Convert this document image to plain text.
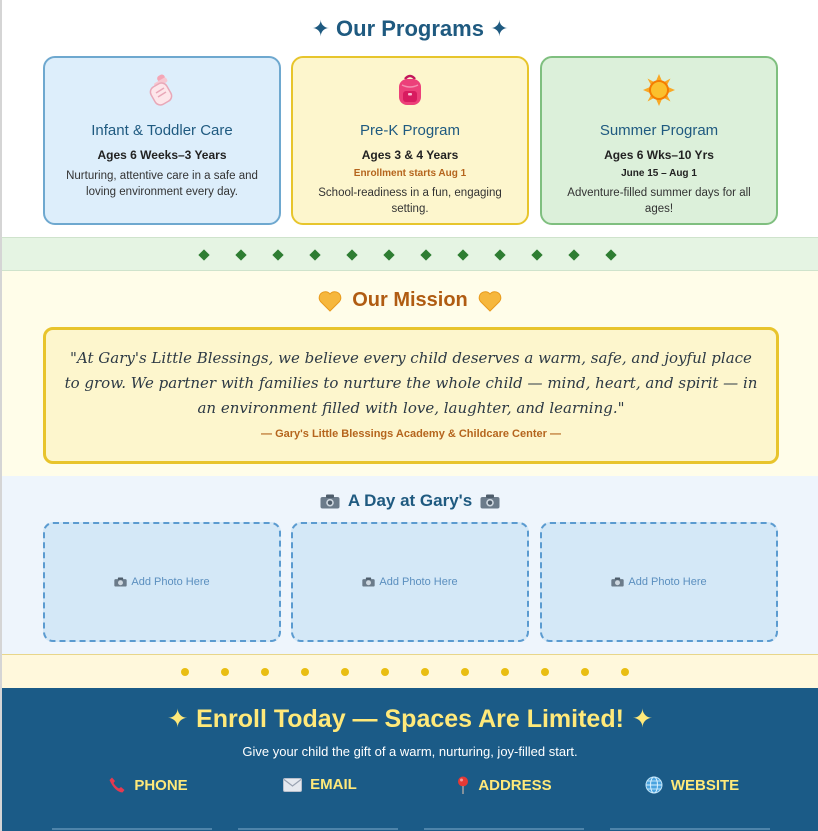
✦ Our Programs ✦
Infant & Toddler Care
Ages 6 Weeks–3 Years
Nurturing, attentive care in a safe and loving environment every day.
Pre-K Program
Ages 3 & 4 Years
Enrollment starts Aug 1
School-readiness in a fun, engaging setting.
Summer Program
Ages 6 Wks–10 Yrs
June 15 – Aug 1
Adventure-filled summer days for all ages!
Our Mission
"At Gary's Little Blessings, we believe every child deserves a warm, safe, and joyful place to grow. We partner with families to nurture the whole child — mind, heart, and spirit — in an environment filled with love, laughter, and learning."
— Gary's Little Blessings Academy & Childcare Center —
A Day at Gary's
Add Photo Here	Add Photo Here	Add Photo Here
✦ Enroll Today — Spaces Are Limited! ✦
Give your child the gift of a warm, nurturing, joy-filled start.
PHONE	EMAIL	ADDRESS	WEBSITE
